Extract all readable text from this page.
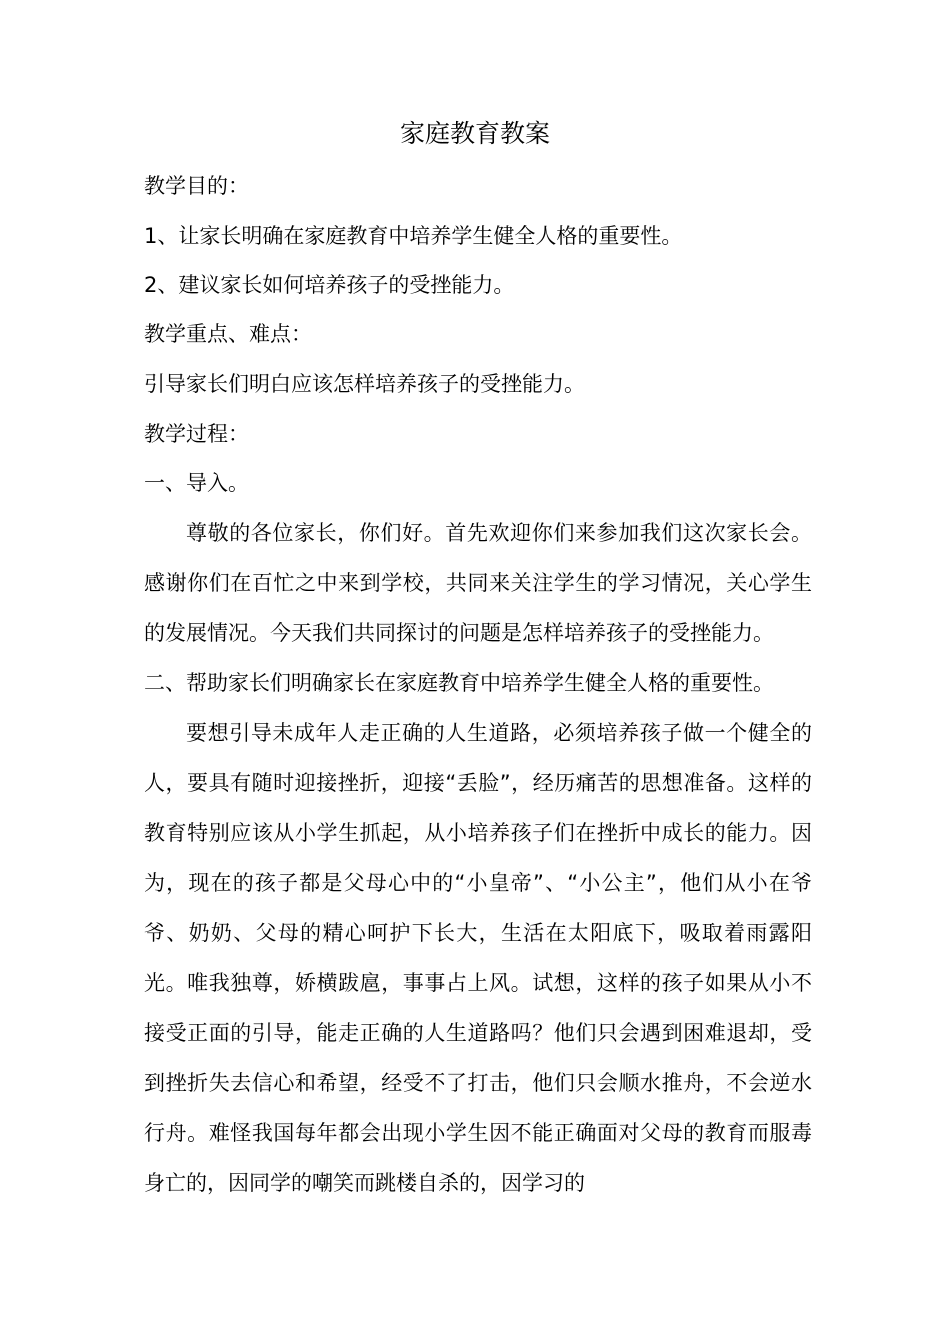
家庭教育教案
教学目的：
1、让家长明确在家庭教育中培养学生健全人格的重要性。
2、建议家长如何培养孩子的受挫能力。
教学重点、难点：
引导家长们明白应该怎样培养孩子的受挫能力。
教学过程：
一、导入。
尊敬的各位家长，你们好。首先欢迎你们来参加我们这次家长会。感谢你们在百忙之中来到学校，共同来关注学生的学习情况，关心学生的发展情况。今天我们共同探讨的问题是怎样培养孩子的受挫能力。
二、帮助家长们明确家长在家庭教育中培养学生健全人格的重要性。
要想引导未成年人走正确的人生道路，必须培养孩子做一个健全的人，要具有随时迎接挫折，迎接“丢脸”，经历痛苦的思想准备。这样的教育特别应该从小学生抓起，从小培养孩子们在挫折中成长的能力。因为，现在的孩子都是父母心中的“小皇帝”、“小公主”，他们从小在爷爷、奶奶、父母的精心呵护下长大，生活在太阳底下，吸取着雨露阳光。唯我独尊，娇横跋扈，事事占上风。试想，这样的孩子如果从小不接受正面的引导，能走正确的人生道路吗？他们只会遇到困难退却，受到挫折失去信心和希望，经受不了打击，他们只会顺水推舟，不会逆水行舟。难怪我国每年都会出现小学生因不能正确面对父母的教育而服毒身亡的，因同学的嘲笑而跳楼自杀的，因学习的
